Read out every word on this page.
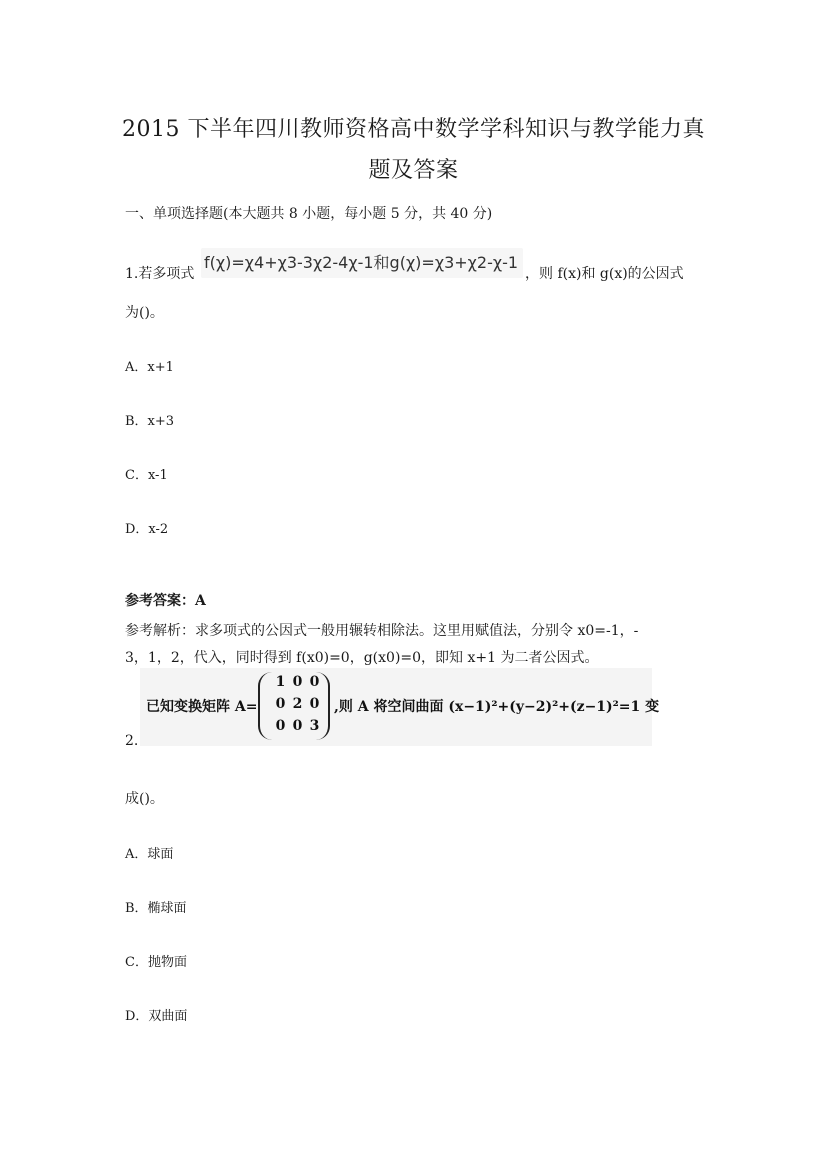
2015 下半年四川教师资格高中数学学科知识与教学能力真
题及答案
一、单项选择题(本大题共 8 小题，每小题 5 分，共 40 分)
1.若多项式
f(χ)=χ4+χ3-3χ2-4χ-1和g(χ)=χ3+χ2-χ-1
，则 f(x)和 g(x)的公因式
为()。
A．x+1
B．x+3
C．x-1
D．x-2
参考答案：A
参考解析：求多项式的公因式一般用辗转相除法。这里用赋值法，分别令 x0=-1，-
3，1，2，代入，同时得到 f(x0)=0，g(x0)=0，即知 x+1 为二者公因式。
已知变换矩阵 A=
1 0 0
0 2 0
0 0 3
,则 A 将空间曲面 (x−1)²+(y−2)²+(z−1)²=1 变
2.
成()。
A．球面
B．椭球面
C．抛物面
D．双曲面
